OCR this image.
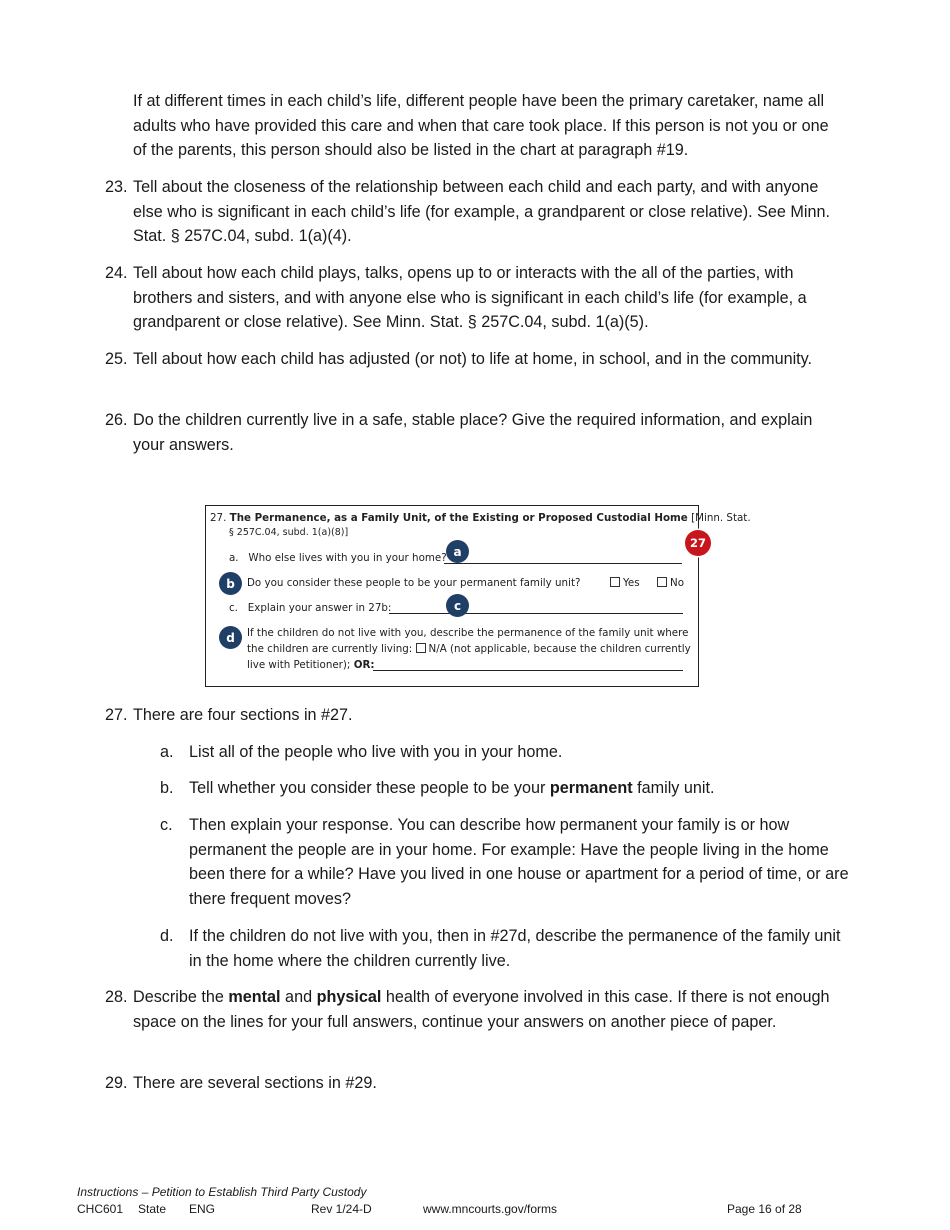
If at different times in each child’s life, different people have been the primary caretaker, name all adults who have provided this care and when that care took place. If this person is not you or one of the parents, this person should also be listed in the chart at paragraph #19.

23. Tell about the closeness of the relationship between each child and each party, and with anyone else who is significant in each child’s life (for example, a grandparent or close relative). See Minn. Stat. § 257C.04, subd. 1(a)(4).
24. Tell about how each child plays, talks, opens up to or interacts with the all of the parties, with brothers and sisters, and with anyone else who is significant in each child’s life (for example, a grandparent or close relative). See Minn. Stat. § 257C.04, subd. 1(a)(5).
25. Tell about how each child has adjusted (or not) to life at home, in school, and in the community.
26. Do the children currently live in a safe, stable place? Give the required information, and explain your answers.
27. The Permanence, as a Family Unit, of the Existing or Proposed Custodial Home [Minn. Stat.
§ 257C.04, subd. 1(a)(8)]
a. Who else lives with you in your home?
Do you consider these people to be your permanent family unit?	Yes	No
c. Explain your answer in 27b:
If the children do not live with you, describe the permanence of the family unit where
the children are currently living: N/A (not applicable, because the children currently
live with Petitioner); OR:
a
b
c
d
27
27. There are four sections in #27.
a. List all of the people who live with you in your home.
b. Tell whether you consider these people to be your permanent family unit.
c. Then explain your response. You can describe how permanent your family is or how permanent the people are in your home. For example: Have the people living in the home been there for a while? Have you lived in one house or apartment for a period of time, or are there frequent moves?
d. If the children do not live with you, then in #27d, describe the permanence of the family unit in the home where the children currently live.
28. Describe the mental and physical health of everyone involved in this case. If there is not enough space on the lines for your full answers, continue your answers on another piece of paper.
29. There are several sections in #29.
Instructions – Petition to Establish Third Party Custody
CHC601 State ENG	Rev 1/24-D	www.mncourts.gov/forms	Page 16 of 28
